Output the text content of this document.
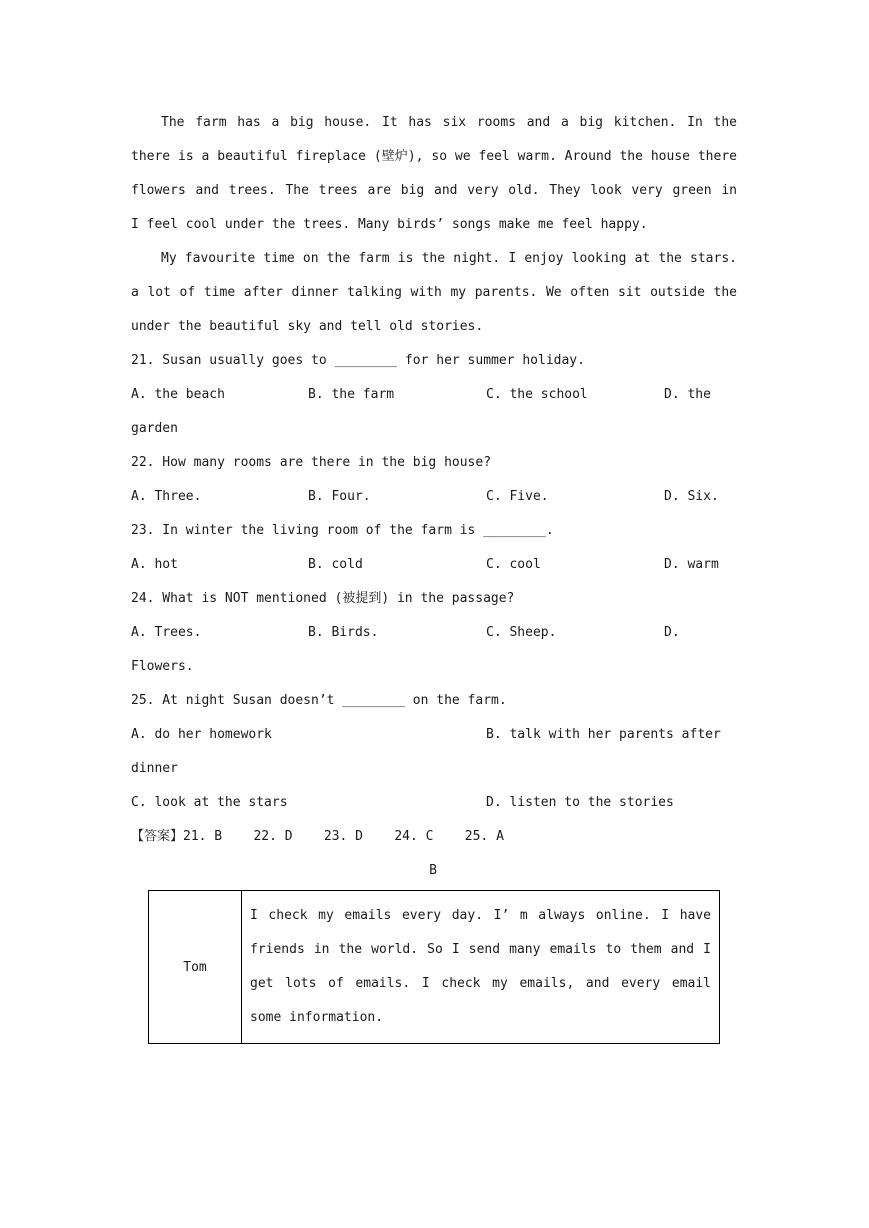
The farm has a big house. It has six rooms and a big kitchen. In the
there is a beautiful fireplace (壁炉), so we feel warm. Around the house there
flowers and trees. The trees are big and very old. They look very green in
I feel cool under the trees. Many birds’ songs make me feel happy.
My favourite time on the farm is the night. I enjoy looking at the stars.
a lot of time after dinner talking with my parents. We often sit outside the
under the beautiful sky and tell old stories.
21. Susan usually goes to ________ for her summer holiday.
A. the beach	B. the farm	C. the school	D. the
garden
22. How many rooms are there in the big house?
A. Three.	B. Four.	C. Five.	D. Six.
23. In winter the living room of the farm is ________.
A. hot	B. cold	C. cool	D. warm
24. What is NOT mentioned (被提到) in the passage?
A. Trees.	B. Birds.	C. Sheep.	D.
Flowers.
25. At night Susan doesn’t ________ on the farm.
A. do her homework	B. talk with her parents after
dinner
C. look at the stars	D. listen to the stories
【答案】21. B    22. D    23. D    24. C    25. A
B
Tom	
I check my emails every day. I’ m always online. I have
friends in the world. So I send many emails to them and I
get lots of emails. I check my emails, and every email
some information.
